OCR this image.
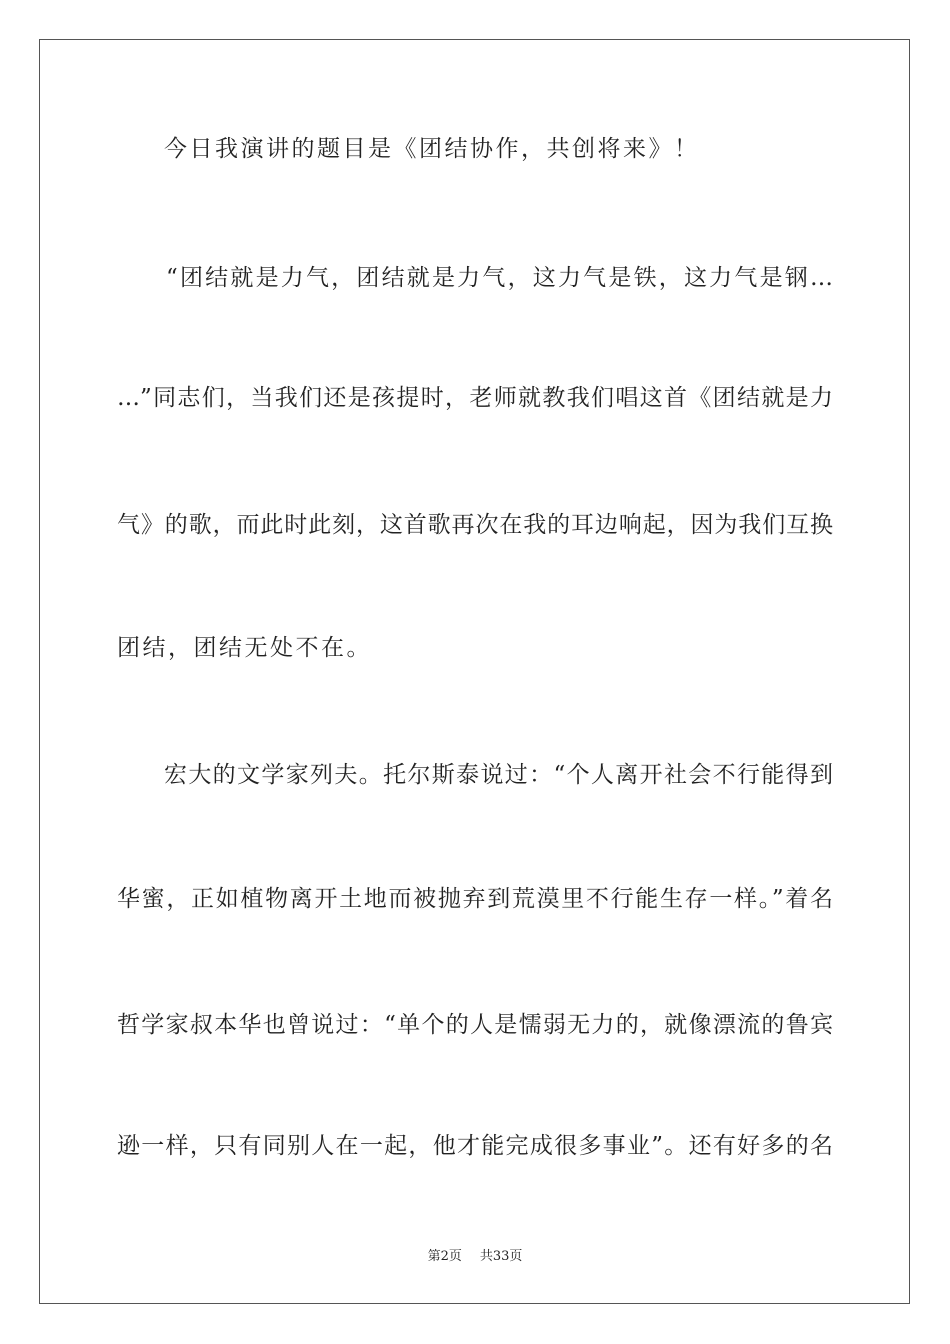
今日我演讲的题目是《团结协作，共创将来》！
“团结就是力气，团结就是力气，这力气是铁，这力气是钢…
…”同志们，当我们还是孩提时，老师就教我们唱这首《团结就是力
气》的歌，而此时此刻，这首歌再次在我的耳边响起，因为我们互换
团结，团结无处不在。
宏大的文学家列夫。托尔斯泰说过：“个人离开社会不行能得到
华蜜，正如植物离开土地而被抛弃到荒漠里不行能生存一样。”着名
哲学家叔本华也曾说过：“单个的人是懦弱无力的，就像漂流的鲁宾
逊一样，只有同别人在一起，他才能完成很多事业”。还有好多的名
第2页 共33页
